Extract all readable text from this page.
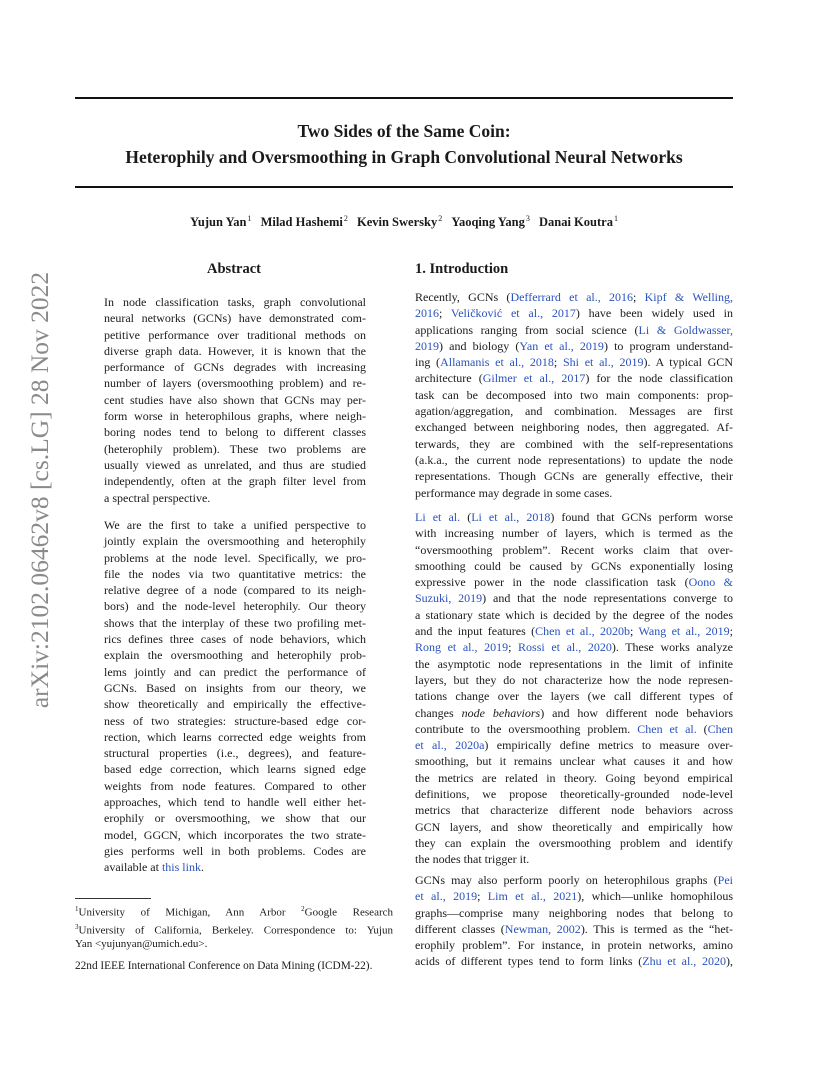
Two Sides of the Same Coin:
Heterophily and Oversmoothing in Graph Convolutional Neural Networks
Yujun Yan$^1$ Milad Hashemi$^2$ Kevin Swersky$^2$ Yaoqing Yang$^3$ Danai Koutra$^1$
arXiv:2102.06462v8 [cs.LG] 28 Nov 2022
Abstract
In node classification tasks, graph convolutional
neural networks (GCNs) have demonstrated com-
petitive performance over traditional methods on
diverse graph data. However, it is known that the
performance of GCNs degrades with increasing
number of layers (oversmoothing problem) and re-
cent studies have also shown that GCNs may per-
form worse in heterophilous graphs, where neigh-
boring nodes tend to belong to different classes
(heterophily problem). These two problems are
usually viewed as unrelated, and thus are studied
independently, often at the graph filter level from
a spectral perspective.
We are the first to take a unified perspective to
jointly explain the oversmoothing and heterophily
problems at the node level. Specifically, we pro-
file the nodes via two quantitative metrics: the
relative degree of a node (compared to its neigh-
bors) and the node-level heterophily. Our theory
shows that the interplay of these two profiling met-
rics defines three cases of node behaviors, which
explain the oversmoothing and heterophily prob-
lems jointly and can predict the performance of
GCNs. Based on insights from our theory, we
show theoretically and empirically the effective-
ness of two strategies: structure-based edge cor-
rection, which learns corrected edge weights from
structural properties (i.e., degrees), and feature-
based edge correction, which learns signed edge
weights from node features. Compared to other
approaches, which tend to handle well either het-
erophily or oversmoothing, we show that our
model, GGCN, which incorporates the two strate-
gies performs well in both problems. Codes are
available at this link.
$^1$University of Michigan, Ann Arbor $^2$Google Research
$^3$University of California, Berkeley. Correspondence to: Yujun
Yan <yujunyan@umich.edu>.
22nd IEEE International Conference on Data Mining (ICDM-22).
1. Introduction
Recently, GCNs (Defferrard et al., 2016; Kipf & Welling,
2016; Veličković et al., 2017) have been widely used in
applications ranging from social science (Li & Goldwasser,
2019) and biology (Yan et al., 2019) to program understand-
ing (Allamanis et al., 2018; Shi et al., 2019). A typical GCN
architecture (Gilmer et al., 2017) for the node classification
task can be decomposed into two main components: prop-
agation/aggregation, and combination. Messages are first
exchanged between neighboring nodes, then aggregated. Af-
terwards, they are combined with the self-representations
(a.k.a., the current node representations) to update the node
representations. Though GCNs are generally effective, their
performance may degrade in some cases.
Li et al. (Li et al., 2018) found that GCNs perform worse
with increasing number of layers, which is termed as the
“oversmoothing problem”. Recent works claim that over-
smoothing could be caused by GCNs exponentially losing
expressive power in the node classification task (Oono &
Suzuki, 2019) and that the node representations converge to
a stationary state which is decided by the degree of the nodes
and the input features (Chen et al., 2020b; Wang et al., 2019;
Rong et al., 2019; Rossi et al., 2020). These works analyze
the asymptotic node representations in the limit of infinite
layers, but they do not characterize how the node represen-
tations change over the layers (we call different types of
changes node behaviors) and how different node behaviors
contribute to the oversmoothing problem. Chen et al. (Chen
et al., 2020a) empirically define metrics to measure over-
smoothing, but it remains unclear what causes it and how
the metrics are related in theory. Going beyond empirical
definitions, we propose theoretically-grounded node-level
metrics that characterize different node behaviors across
GCN layers, and show theoretically and empirically how
they can explain the oversmoothing problem and identify
the nodes that trigger it.
GCNs may also perform poorly on heterophilous graphs (Pei
et al., 2019; Lim et al., 2021), which—unlike homophilous
graphs—comprise many neighboring nodes that belong to
different classes (Newman, 2002). This is termed as the “het-
erophily problem”. For instance, in protein networks, amino
acids of different types tend to form links (Zhu et al., 2020),
